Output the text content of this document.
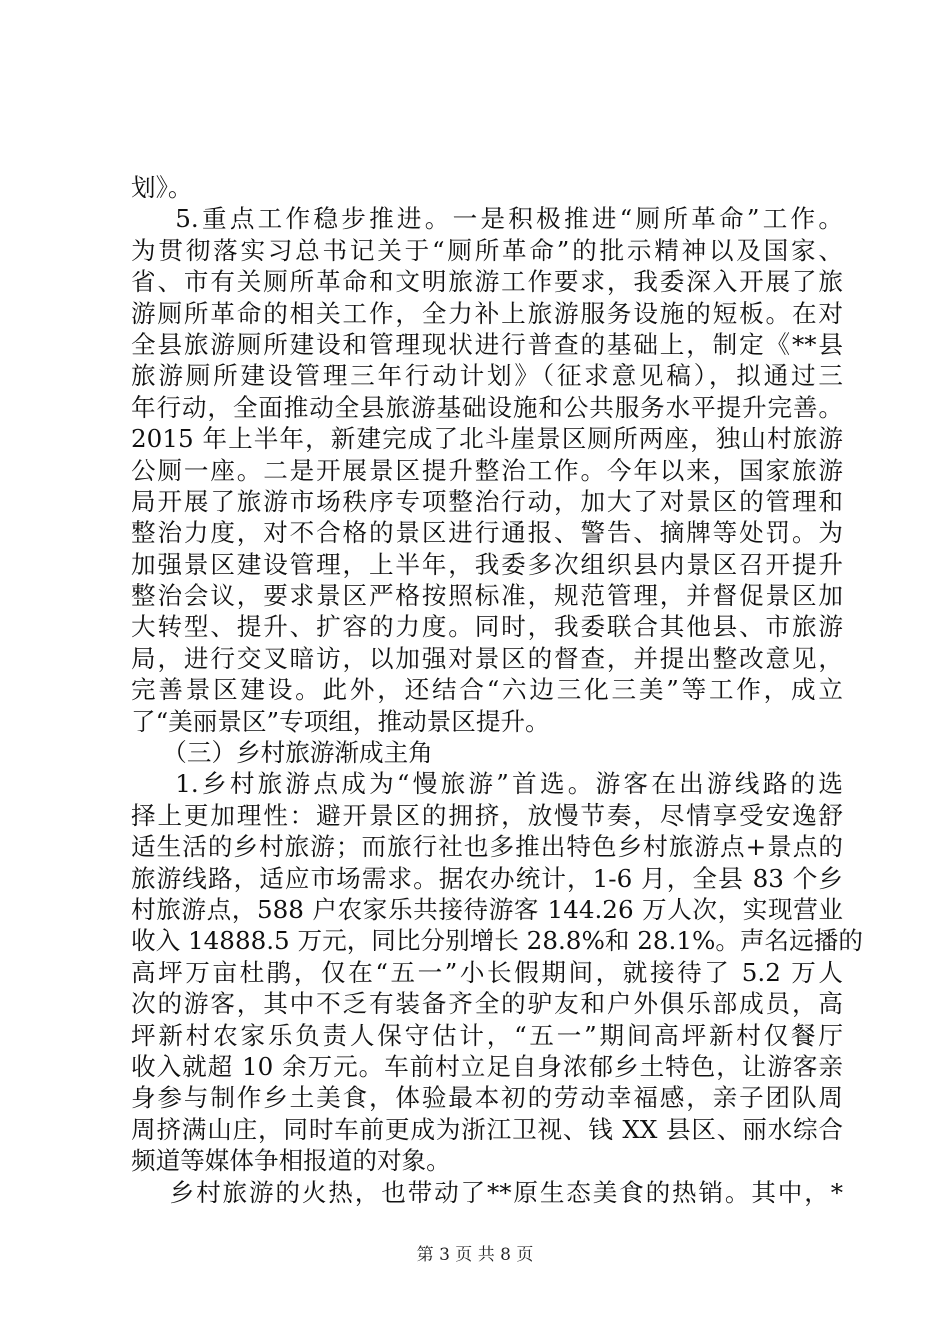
划》。
5.重点工作稳步推进。一是积极推进“厕所革命”工作。
为贯彻落实习总书记关于“厕所革命”的批示精神以及国家、
省、市有关厕所革命和文明旅游工作要求，我委深入开展了旅
游厕所革命的相关工作，全力补上旅游服务设施的短板。在对
全县旅游厕所建设和管理现状进行普查的基础上，制定《**县
旅游厕所建设管理三年行动计划》（征求意见稿），拟通过三
年行动，全面推动全县旅游基础设施和公共服务水平提升完善。
2015 年上半年，新建完成了北斗崖景区厕所两座，独山村旅游
公厕一座。二是开展景区提升整治工作。今年以来，国家旅游
局开展了旅游市场秩序专项整治行动，加大了对景区的管理和
整治力度，对不合格的景区进行通报、警告、摘牌等处罚。为
加强景区建设管理，上半年，我委多次组织县内景区召开提升
整治会议，要求景区严格按照标准，规范管理，并督促景区加
大转型、提升、扩容的力度。同时，我委联合其他县、市旅游
局，进行交叉暗访，以加强对景区的督查，并提出整改意见，
完善景区建设。此外，还结合“六边三化三美”等工作，成立
了“美丽景区”专项组，推动景区提升。
（三）乡村旅游渐成主角
1.乡村旅游点成为“慢旅游”首选。游客在出游线路的选
择上更加理性：避开景区的拥挤，放慢节奏，尽情享受安逸舒
适生活的乡村旅游；而旅行社也多推出特色乡村旅游点+景点的
旅游线路，适应市场需求。据农办统计，1-6 月，全县 83 个乡
村旅游点，588 户农家乐共接待游客 144.26 万人次，实现营业
收入 14888.5 万元，同比分别增长 28.8%和 28.1%。声名远播的
高坪万亩杜鹃，仅在“五一”小长假期间，就接待了 5.2 万人
次的游客，其中不乏有装备齐全的驴友和户外俱乐部成员，高
坪新村农家乐负责人保守估计，“五一”期间高坪新村仅餐厅
收入就超 10 余万元。车前村立足自身浓郁乡土特色，让游客亲
身参与制作乡土美食，体验最本初的劳动幸福感，亲子团队周
周挤满山庄，同时车前更成为浙江卫视、钱 XX 县区、丽水综合
频道等媒体争相报道的对象。
乡村旅游的火热，也带动了**原生态美食的热销。其中，*
第 3 页 共 8 页
